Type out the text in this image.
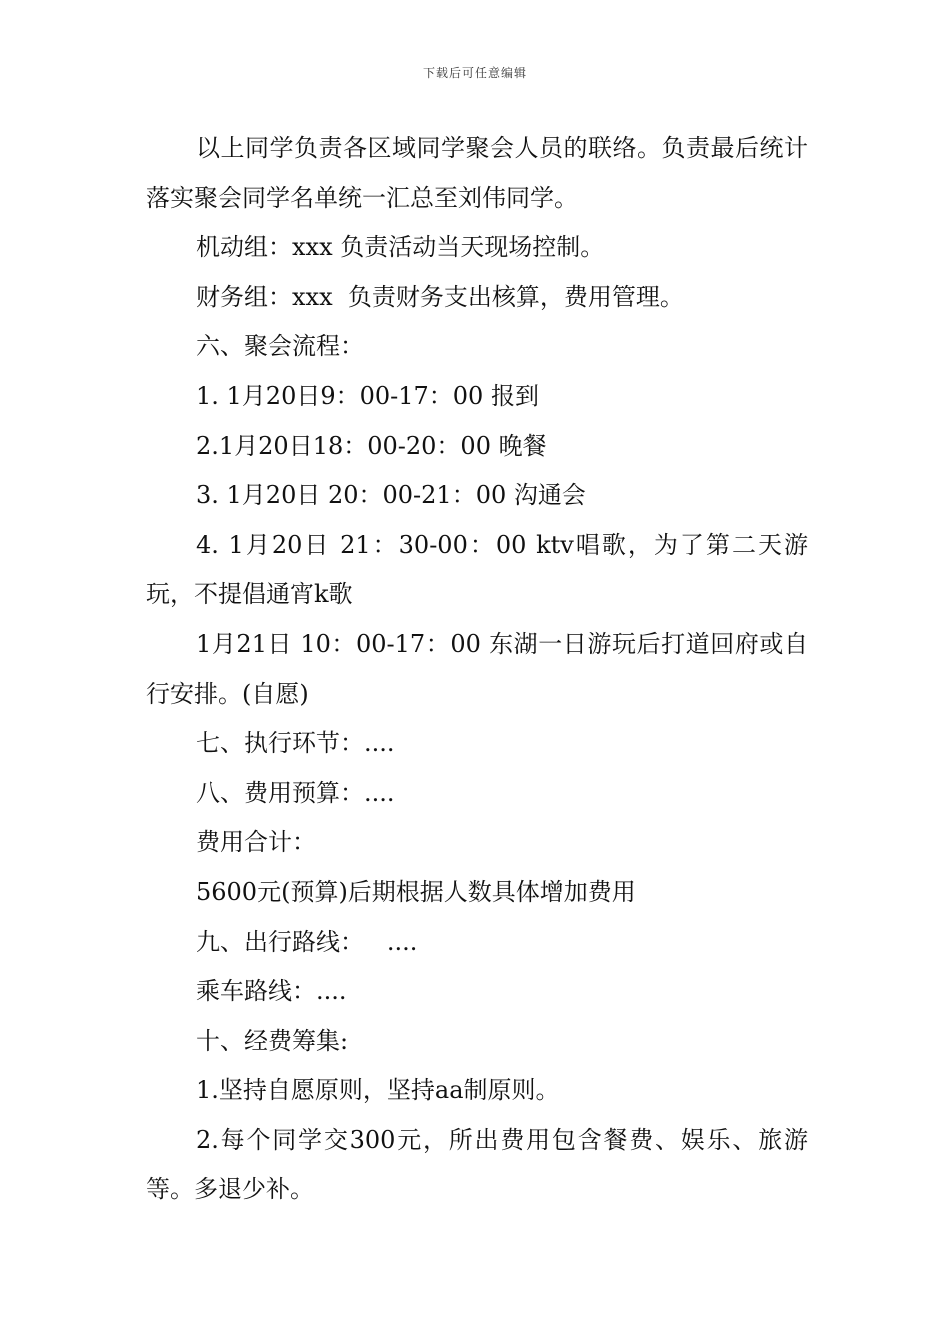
下载后可任意编辑

以上同学负责各区域同学聚会人员的联络。负责最后统计落实聚会同学名单统一汇总至刘伟同学。

机动组：xxx 负责活动当天现场控制。

财务组：xxx  负责财务支出核算，费用管理。

六、聚会流程：

1. 1月20日9：00-17：00 报到

2.1月20日18：00-20：00 晚餐

3. 1月20日 20：00-21：00 沟通会

4. 1月20日 21：30-00：00 ktv唱歌，为了第二天游玩，不提倡通宵k歌

1月21日 10：00-17：00 东湖一日游玩后打道回府或自行安排。(自愿)

七、执行环节：....

八、费用预算：....

费用合计：

5600元(预算)后期根据人数具体增加费用

九、出行路线：   ....

乘车路线：....

十、经费筹集:

1.坚持自愿原则，坚持aa制原则。

2.每个同学交300元，所出费用包含餐费、娱乐、旅游等。多退少补。
